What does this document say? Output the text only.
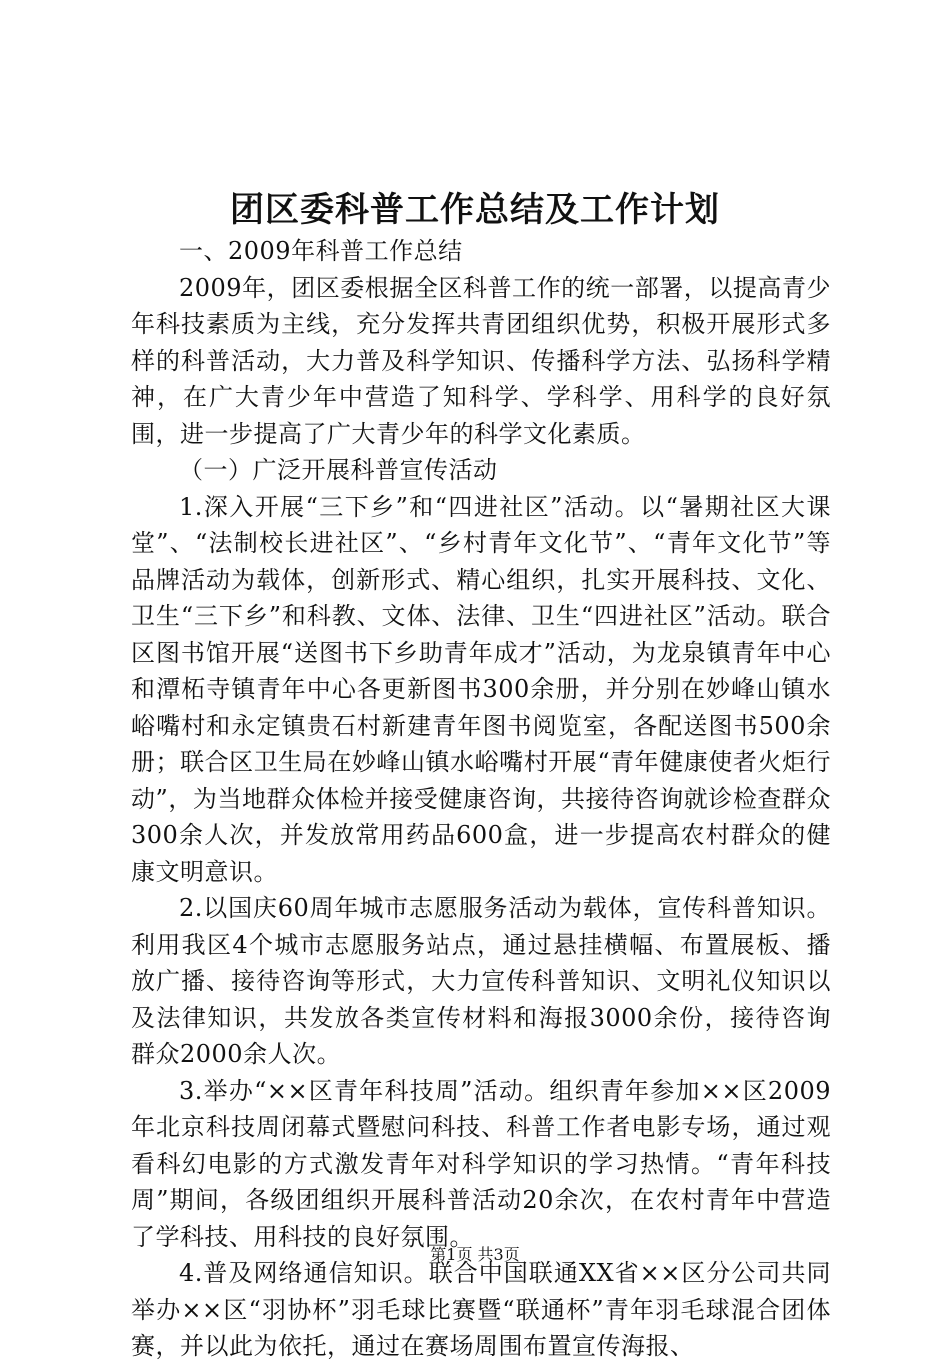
团区委科普工作总结及工作计划

一、2009年科普工作总结

2009年，团区委根据全区科普工作的统一部署，以提高青少年科技素质为主线，充分发挥共青团组织优势，积极开展形式多样的科普活动，大力普及科学知识、传播科学方法、弘扬科学精神，在广大青少年中营造了知科学、学科学、用科学的良好氛围，进一步提高了广大青少年的科学文化素质。

（一）广泛开展科普宣传活动

1.深入开展“三下乡”和“四进社区”活动。以“暑期社区大课堂”、“法制校长进社区”、“乡村青年文化节”、“青年文化节”等品牌活动为载体，创新形式、精心组织，扎实开展科技、文化、卫生“三下乡”和科教、文体、法律、卫生“四进社区”活动。联合区图书馆开展“送图书下乡助青年成才”活动，为龙泉镇青年中心和潭柘寺镇青年中心各更新图书300余册，并分别在妙峰山镇水峪嘴村和永定镇贵石村新建青年图书阅览室，各配送图书500余册；联合区卫生局在妙峰山镇水峪嘴村开展“青年健康使者火炬行动”，为当地群众体检并接受健康咨询，共接待咨询就诊检查群众300余人次，并发放常用药品600盒，进一步提高农村群众的健康文明意识。

2.以国庆60周年城市志愿服务活动为载体，宣传科普知识。利用我区4个城市志愿服务站点，通过悬挂横幅、布置展板、播放广播、接待咨询等形式，大力宣传科普知识、文明礼仪知识以及法律知识，共发放各类宣传材料和海报3000余份，接待咨询群众2000余人次。

3.举办“××区青年科技周”活动。组织青年参加××区2009年北京科技周闭幕式暨慰问科技、科普工作者电影专场，通过观看科幻电影的方式激发青年对科学知识的学习热情。“青年科技周”期间，各级团组织开展科普活动20余次，在农村青年中营造了学科技、用科技的良好氛围。

4.普及网络通信知识。联合中国联通XX省××区分公司共同举办××区“羽协杯”羽毛球比赛暨“联通杯”青年羽毛球混合团体赛，并以此为依托，通过在赛场周围布置宣传海报、

第1页 共3页
